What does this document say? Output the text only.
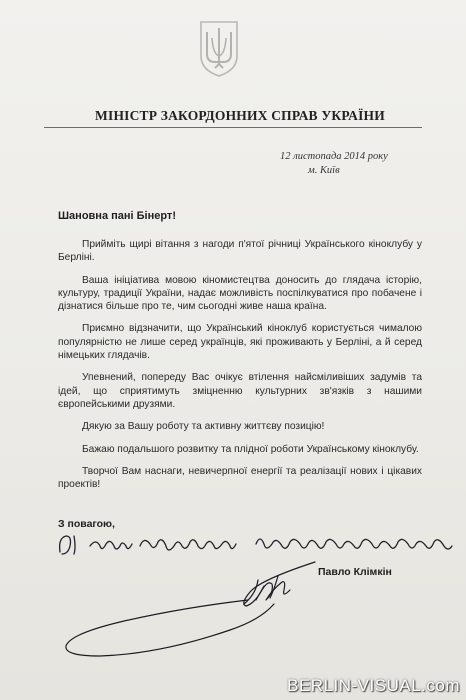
МІНІСТР ЗАКОРДОННИХ СПРАВ УКРАЇНИ
12 листопада 2014 року
м. Київ
Шановна пані Бінерт!

Прийміть щирі вітання з нагоди п'ятої річниці Українського кіноклубу у Берліні.

Ваша ініціатива мовою кіномистецтва доносить до глядача історію, культуру, традиції України, надає можливість поспілкуватися про побачене і дізнатися більше про те, чим сьогодні живе наша країна.

Приємно відзначити, що Український кіноклуб користується чималою популярністю не лише серед українців, які проживають у Берліні, а й серед німецьких глядачів.

Упевнений, попереду Вас очікує втілення найсміливіших задумів та ідей, що сприятимуть зміцненню культурних зв'язків з нашими європейськими друзями.

Дякую за Вашу роботу та активну життєву позицію!

Бажаю подальшого розвитку та плідної роботи Українському кіноклубу.

Творчої Вам наснаги, невичерпної енергії та реалізації нових і цікавих проектів!

З повагою,
Павло Клімкін
BERLIN-VISUAL.com
